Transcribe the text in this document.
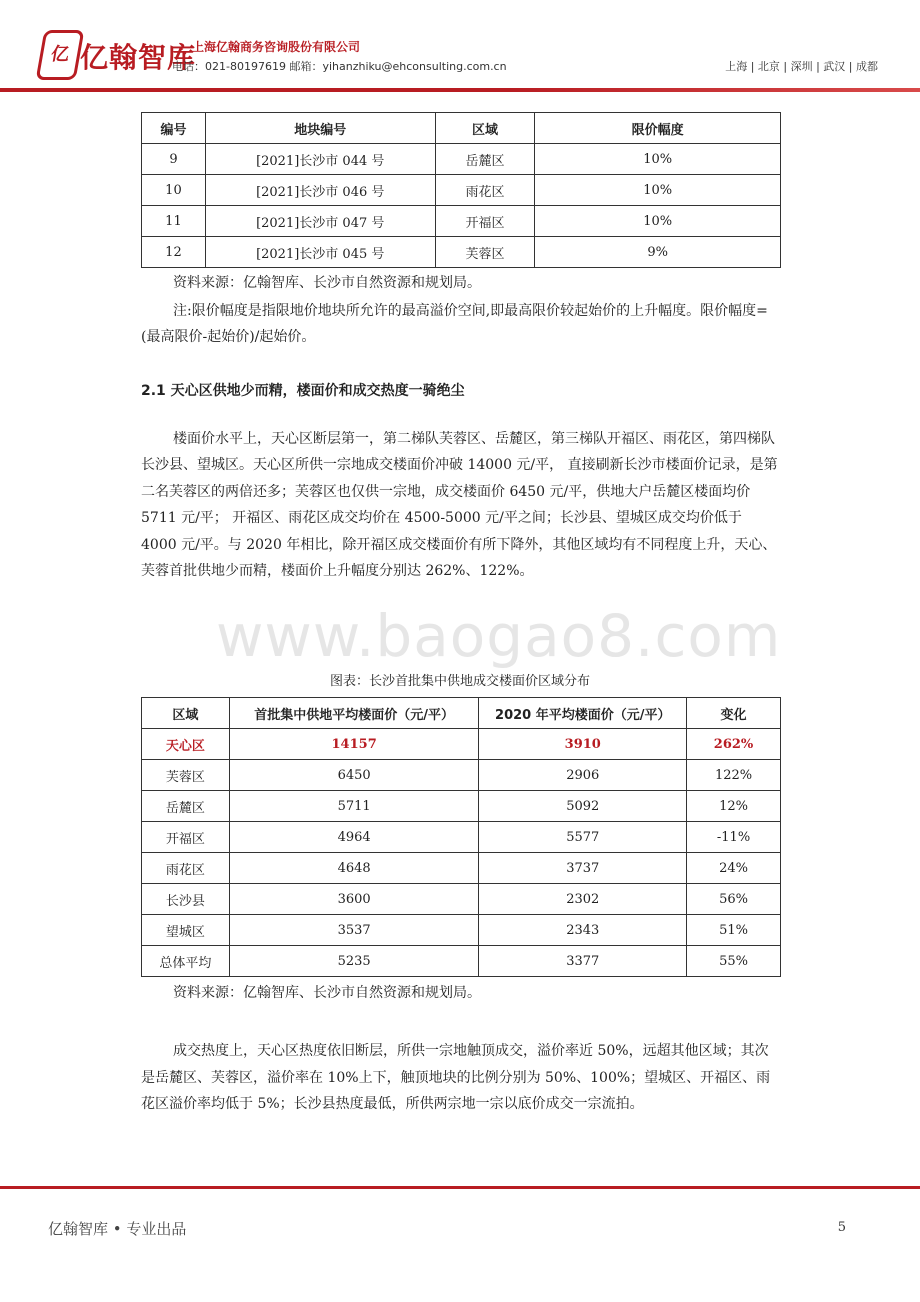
亿 亿翰智库
上海亿翰商务咨询股份有限公司
电话：021-80197619 邮箱：yihanzhiku@ehconsulting.com.cn	上海 | 北京 | 深圳 | 武汉 | 成都
编号	地块编号	区域	限价幅度
9	[2021]长沙市 044 号	岳麓区	10%
10	[2021]长沙市 046 号	雨花区	10%
11	[2021]长沙市 047 号	开福区	10%
12	[2021]长沙市 045 号	芙蓉区	9%
资料来源：亿翰智库、长沙市自然资源和规划局。
注:限价幅度是指限地价地块所允许的最高溢价空间,即最高限价较起始价的上升幅度。限价幅度=(最高限价-起始价)/起始价。
2.1 天心区供地少而精，楼面价和成交热度一骑绝尘
楼面价水平上，天心区断层第一，第二梯队芙蓉区、岳麓区，第三梯队开福区、雨花区，第四梯队长沙县、望城区。天心区所供一宗地成交楼面价冲破 14000 元/平， 直接刷新长沙市楼面价记录，是第二名芙蓉区的两倍还多；芙蓉区也仅供一宗地，成交楼面价 6450 元/平，供地大户岳麓区楼面均价 5711 元/平； 开福区、雨花区成交均价在 4500-5000 元/平之间；长沙县、望城区成交均价低于 4000 元/平。与 2020 年相比，除开福区成交楼面价有所下降外，其他区域均有不同程度上升，天心、芙蓉首批供地少而精，楼面价上升幅度分别达 262%、122%。
www.baogao8.com
图表：长沙首批集中供地成交楼面价区域分布
区域	首批集中供地平均楼面价（元/平）	2020 年平均楼面价（元/平）	变化
天心区	14157	3910	262%
芙蓉区	6450	2906	122%
岳麓区	5711	5092	12%
开福区	4964	5577	-11%
雨花区	4648	3737	24%
长沙县	3600	2302	56%
望城区	3537	2343	51%
总体平均	5235	3377	55%
资料来源：亿翰智库、长沙市自然资源和规划局。
成交热度上，天心区热度依旧断层，所供一宗地触顶成交，溢价率近 50%，远超其他区域；其次是岳麓区、芙蓉区，溢价率在 10%上下，触顶地块的比例分别为 50%、100%；望城区、开福区、雨花区溢价率均低于 5%；长沙县热度最低，所供两宗地一宗以底价成交一宗流拍。
亿翰智库 • 专业出品	5
